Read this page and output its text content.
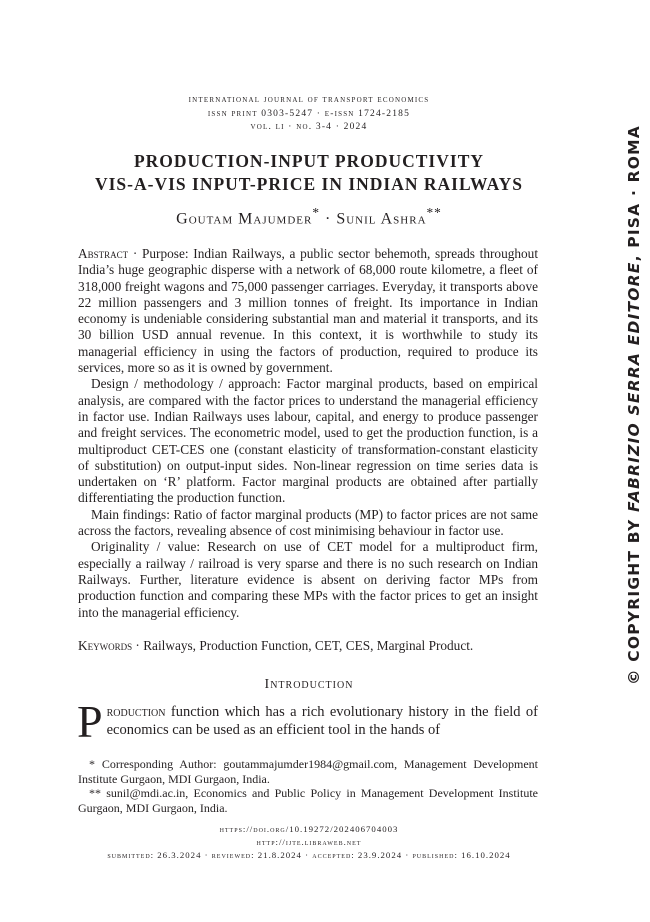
international journal of transport economics
issn print 0303-5247 · e-issn 1724-2185
vol. li · no. 3-4 · 2024
PRODUCTION-INPUT PRODUCTIVITY
VIS-A-VIS INPUT-PRICE IN INDIAN RAILWAYS
Goutam Majumder* · Sunil Ashra**

Abstract · Purpose: Indian Railways, a public sector behemoth, spreads throughout India’s huge geographic disperse with a network of 68,000 route kilometre, a fleet of 318,000 freight wagons and 75,000 passenger carriages. Everyday, it transports above 22 million passengers and 3 million tonnes of freight. Its importance in Indian economy is undeniable considering substantial man and material it transports, and its 30 billion USD annual revenue. In this context, it is worthwhile to study its managerial efficiency in using the factors of production, required to produce its services, more so as it is owned by government.

Design / methodology / approach: Factor marginal products, based on empirical analysis, are compared with the factor prices to understand the managerial efficiency in factor use. Indian Railways uses labour, capital, and energy to produce passenger and freight services. The econometric model, used to get the production function, is a multiproduct CET-CES one (constant elasticity of transformation-constant elasticity of substitution) on output-input sides. Non-linear regression on time series data is undertaken on ‘R’ platform. Factor marginal products are obtained after partially differentiating the production function.

Main findings: Ratio of factor marginal products (MP) to factor prices are not same across the factors, revealing absence of cost minimising behaviour in factor use.

Originality / value: Research on use of CET model for a multiproduct firm, especially a railway / railroad is very sparse and there is no such research on Indian Railways. Further, literature evidence is absent on deriving factor MPs from production function and comparing these MPs with the factor prices to get an insight into the managerial efficiency.

Keywords · Railways, Production Function, CET, CES, Marginal Product.
Introduction
Production function which has a rich evolutionary history in the field of economics can be used as an efficient tool in the hands of

* Corresponding Author: goutammajumder1984@gmail.com, Management Development Institute Gurgaon, MDI Gurgaon, India.

** sunil@mdi.ac.in, Economics and Public Policy in Management Development Institute Gurgaon, MDI Gurgaon, India.

https://doi.org/10.19272/202406704003
http://ijte.libraweb.net
submitted: 26.3.2024 · reviewed: 21.8.2024 · accepted: 23.9.2024 · published: 16.10.2024
© COPYRIGHT BY FABRIZIO SERRA EDITORE, PISA · ROMA
